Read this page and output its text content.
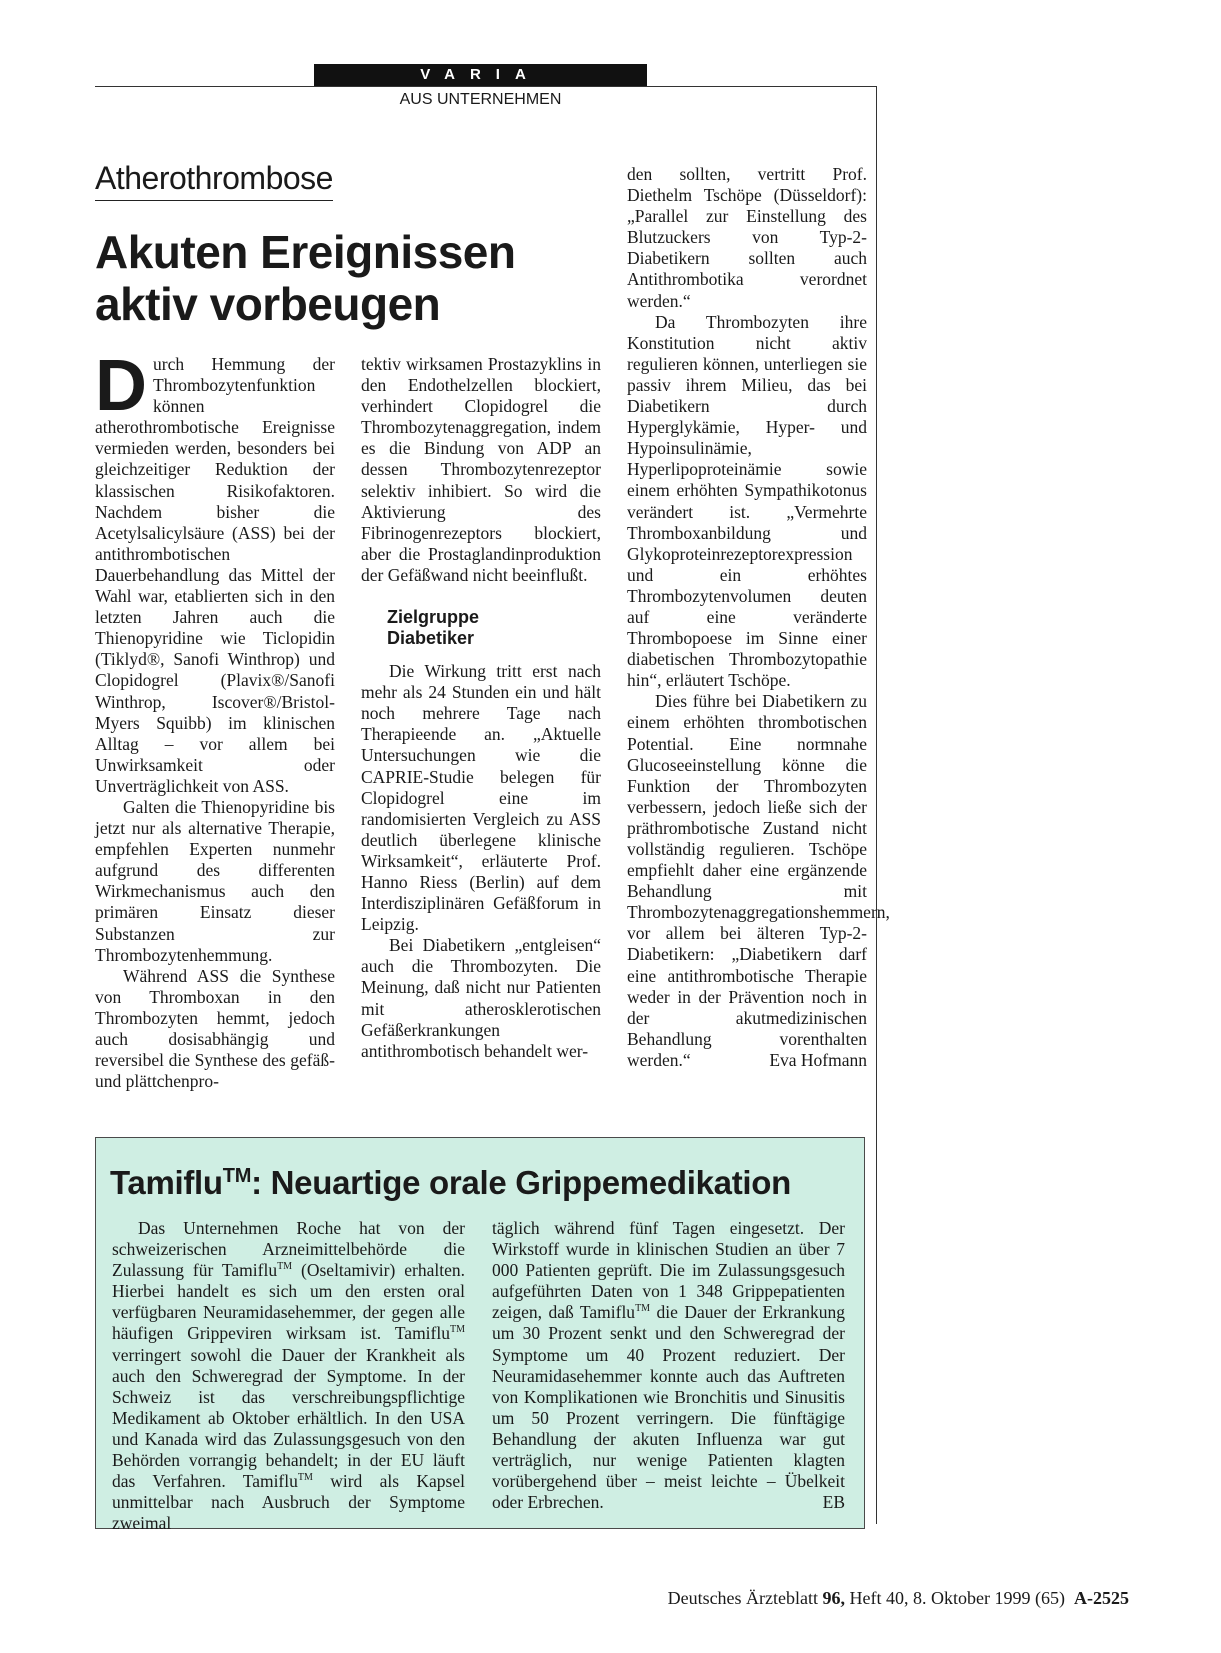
VARIA
AUS UNTERNEHMEN
Atherothrombose
Akuten Ereignissen
aktiv vorbeugen

Durch Hemmung der Thrombozytenfunktion können atherothrombotische Ereignisse vermieden werden, besonders bei gleichzeitiger Reduktion der klassischen Risikofaktoren. Nachdem bisher die Acetylsalicylsäure (ASS) bei der antithrombotischen Dauerbehandlung das Mittel der Wahl war, etablierten sich in den letzten Jahren auch die Thienopyridine wie Ticlopidin (Tiklyd®, Sanofi Winthrop) und Clopidogrel (Plavix®/Sanofi Winthrop, Iscover®/Bristol-Myers Squibb) im klinischen Alltag – vor allem bei Unwirksamkeit oder Unverträglichkeit von ASS.

Galten die Thienopyridine bis jetzt nur als alternative Therapie, empfehlen Experten nunmehr aufgrund des differenten Wirkmechanismus auch den primären Einsatz dieser Substanzen zur Thrombozytenhemmung.

Während ASS die Synthese von Thromboxan in den Thrombozyten hemmt, jedoch auch dosisabhängig und reversibel die Synthese des gefäß- und plättchenpro-

tektiv wirksamen Prostazyklins in den Endothelzellen blockiert, verhindert Clopidogrel die Thrombozytenaggregation, indem es die Bindung von ADP an dessen Thrombozytenrezeptor selektiv inhibiert. So wird die Aktivierung des Fibrinogenrezeptors blockiert, aber die Prostaglandinproduktion der Gefäßwand nicht beeinflußt.

Zielgruppe
Diabetiker

Die Wirkung tritt erst nach mehr als 24 Stunden ein und hält noch mehrere Tage nach Therapieende an. „Aktuelle Untersuchungen wie die CAPRIE-Studie belegen für Clopidogrel eine im randomisierten Vergleich zu ASS deutlich überlegene klinische Wirksamkeit“, erläuterte Prof. Hanno Riess (Berlin) auf dem Interdisziplinären Gefäßforum in Leipzig.

Bei Diabetikern „entgleisen“ auch die Thrombozyten. Die Meinung, daß nicht nur Patienten mit atherosklerotischen Gefäßerkrankungen antithrombotisch behandelt wer-

den sollten, vertritt Prof. Diethelm Tschöpe (Düsseldorf): „Parallel zur Einstellung des Blutzuckers von Typ-2-Diabetikern sollten auch Antithrombotika verordnet werden.“

Da Thrombozyten ihre Konstitution nicht aktiv regulieren können, unterliegen sie passiv ihrem Milieu, das bei Diabetikern durch Hyperglykämie, Hyper- und Hypoinsulinämie, Hyperlipoproteinämie sowie einem erhöhten Sympathikotonus verändert ist. „Vermehrte Thromboxanbildung und Glykoproteinrezeptorexpression und ein erhöhtes Thrombozytenvolumen deuten auf eine veränderte Thrombopoese im Sinne einer diabetischen Thrombozytopathie hin“, erläutert Tschöpe.

Dies führe bei Diabetikern zu einem erhöhten thrombotischen Potential. Eine normnahe Glucoseeinstellung könne die Funktion der Thrombozyten verbessern, jedoch ließe sich der präthrombotische Zustand nicht vollständig regulieren. Tschöpe empfiehlt daher eine ergänzende Behandlung mit Thrombozytenaggregationshemmern, vor allem bei älteren Typ-2-Diabetikern: „Diabetikern darf eine antithrombotische Therapie weder in der Prävention noch in der akutmedizinischen Behandlung vorenthalten werden.“	Eva Hofmann

Tamiflu™: Neuartige orale Grippemedikation

Das Unternehmen Roche hat von der schweizerischen Arzneimittelbehörde die Zulassung für Tamiflu™ (Oseltamivir) erhalten. Hierbei handelt es sich um den ersten oral verfügbaren Neuramidasehemmer, der gegen alle häufigen Grippeviren wirksam ist. Tamiflu™ verringert sowohl die Dauer der Krankheit als auch den Schweregrad der Symptome. In der Schweiz ist das verschreibungspflichtige Medikament ab Oktober erhältlich. In den USA und Kanada wird das Zulassungsgesuch von den Behörden vorrangig behandelt; in der EU läuft das Verfahren. Tamiflu™ wird als Kapsel unmittelbar nach Ausbruch der Symptome zweimal

täglich während fünf Tagen eingesetzt. Der Wirkstoff wurde in klinischen Studien an über 7 000 Patienten geprüft. Die im Zulassungsgesuch aufgeführten Daten von 1 348 Grippepatienten zeigen, daß Tamiflu™ die Dauer der Erkrankung um 30 Prozent senkt und den Schweregrad der Symptome um 40 Prozent reduziert. Der Neuramidasehemmer konnte auch das Auftreten von Komplikationen wie Bronchitis und Sinusitis um 50 Prozent verringern. Die fünftägige Behandlung der akuten Influenza war gut verträglich, nur wenige Patienten klagten vorübergehend über – meist leichte – Übelkeit oder Erbrechen.	EB

Deutsches Ärzteblatt 96, Heft 40, 8. Oktober 1999 (65) A-2525
